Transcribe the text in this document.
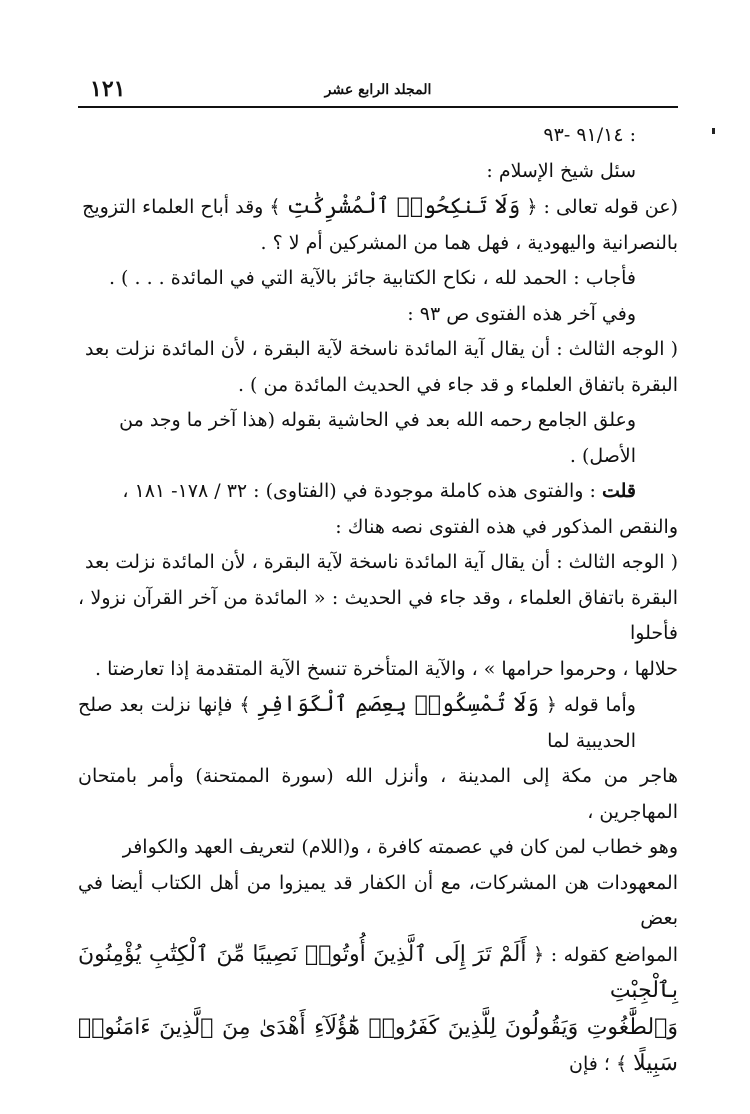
١٢١	المجلد الرابع عشر

: ٩١/١٤ -٩٣

سئل شيخ الإسلام :

(عن قوله تعالى : ﴿ وَلَا تَنكِحُوا۟ ٱلْمُشْرِكَٰتِ ﴾ وقد أباح العلماء التزويج

بالنصرانية واليهودية ، فهل هما من المشركين أم لا ؟ .

فأجاب : الحمد لله ، نكاح الكتابية جائز بالآية التي في المائدة . . . ) .

وفي آخر هذه الفتوى ص ٩٣ :

( الوجه الثالث : أن يقال آية المائدة ناسخة لآية البقرة ، لأن المائدة نزلت بعد

البقرة باتفاق العلماء و قد جاء في الحديث المائدة من ) .

وعلق الجامع رحمه الله بعد في الحاشية بقوله (هذا آخر ما وجد من الأصل) .

قلت : والفتوى هذه كاملة موجودة في (الفتاوى) : ٣٢ / ١٧٨- ١٨١ ،

والنقص المذكور في هذه الفتوى نصه هناك :

( الوجه الثالث : أن يقال آية المائدة ناسخة لآية البقرة ، لأن المائدة نزلت بعد

البقرة باتفاق العلماء ، وقد جاء في الحديث : « المائدة من آخر القرآن نزولا ، فأحلوا

حلالها ، وحرموا حرامها » ، والآية المتأخرة تنسخ الآية المتقدمة إذا تعارضتا .

وأما قوله ﴿ وَلَا تُمْسِكُوا۟ بِعِصَمِ ٱلْكَوَافِرِ ﴾ فإنها نزلت بعد صلح الحديبية لما

هاجر من مكة إلى المدينة ، وأنزل الله (سورة الممتحنة) وأمر بامتحان المهاجرين ،

وهو خطاب لمن كان في عصمته كافرة ، و(اللام) لتعريف العهد والكوافر

المعهودات هن المشركات، مع أن الكفار قد يميزوا من أهل الكتاب أيضا في بعض

المواضع كقوله : ﴿ أَلَمْ تَرَ إِلَى ٱلَّذِينَ أُوتُوا۟ نَصِيبًا مِّنَ ٱلْكِتَٰبِ يُؤْمِنُونَ بِٱلْجِبْتِ

وَٱلطَّٰغُوتِ وَيَقُولُونَ لِلَّذِينَ كَفَرُوا۟ هَٰٓؤُلَآءِ أَهْدَىٰ مِنَ ٱلَّذِينَ ءَامَنُوا۟ سَبِيلًا ﴾ ؛ فإن
